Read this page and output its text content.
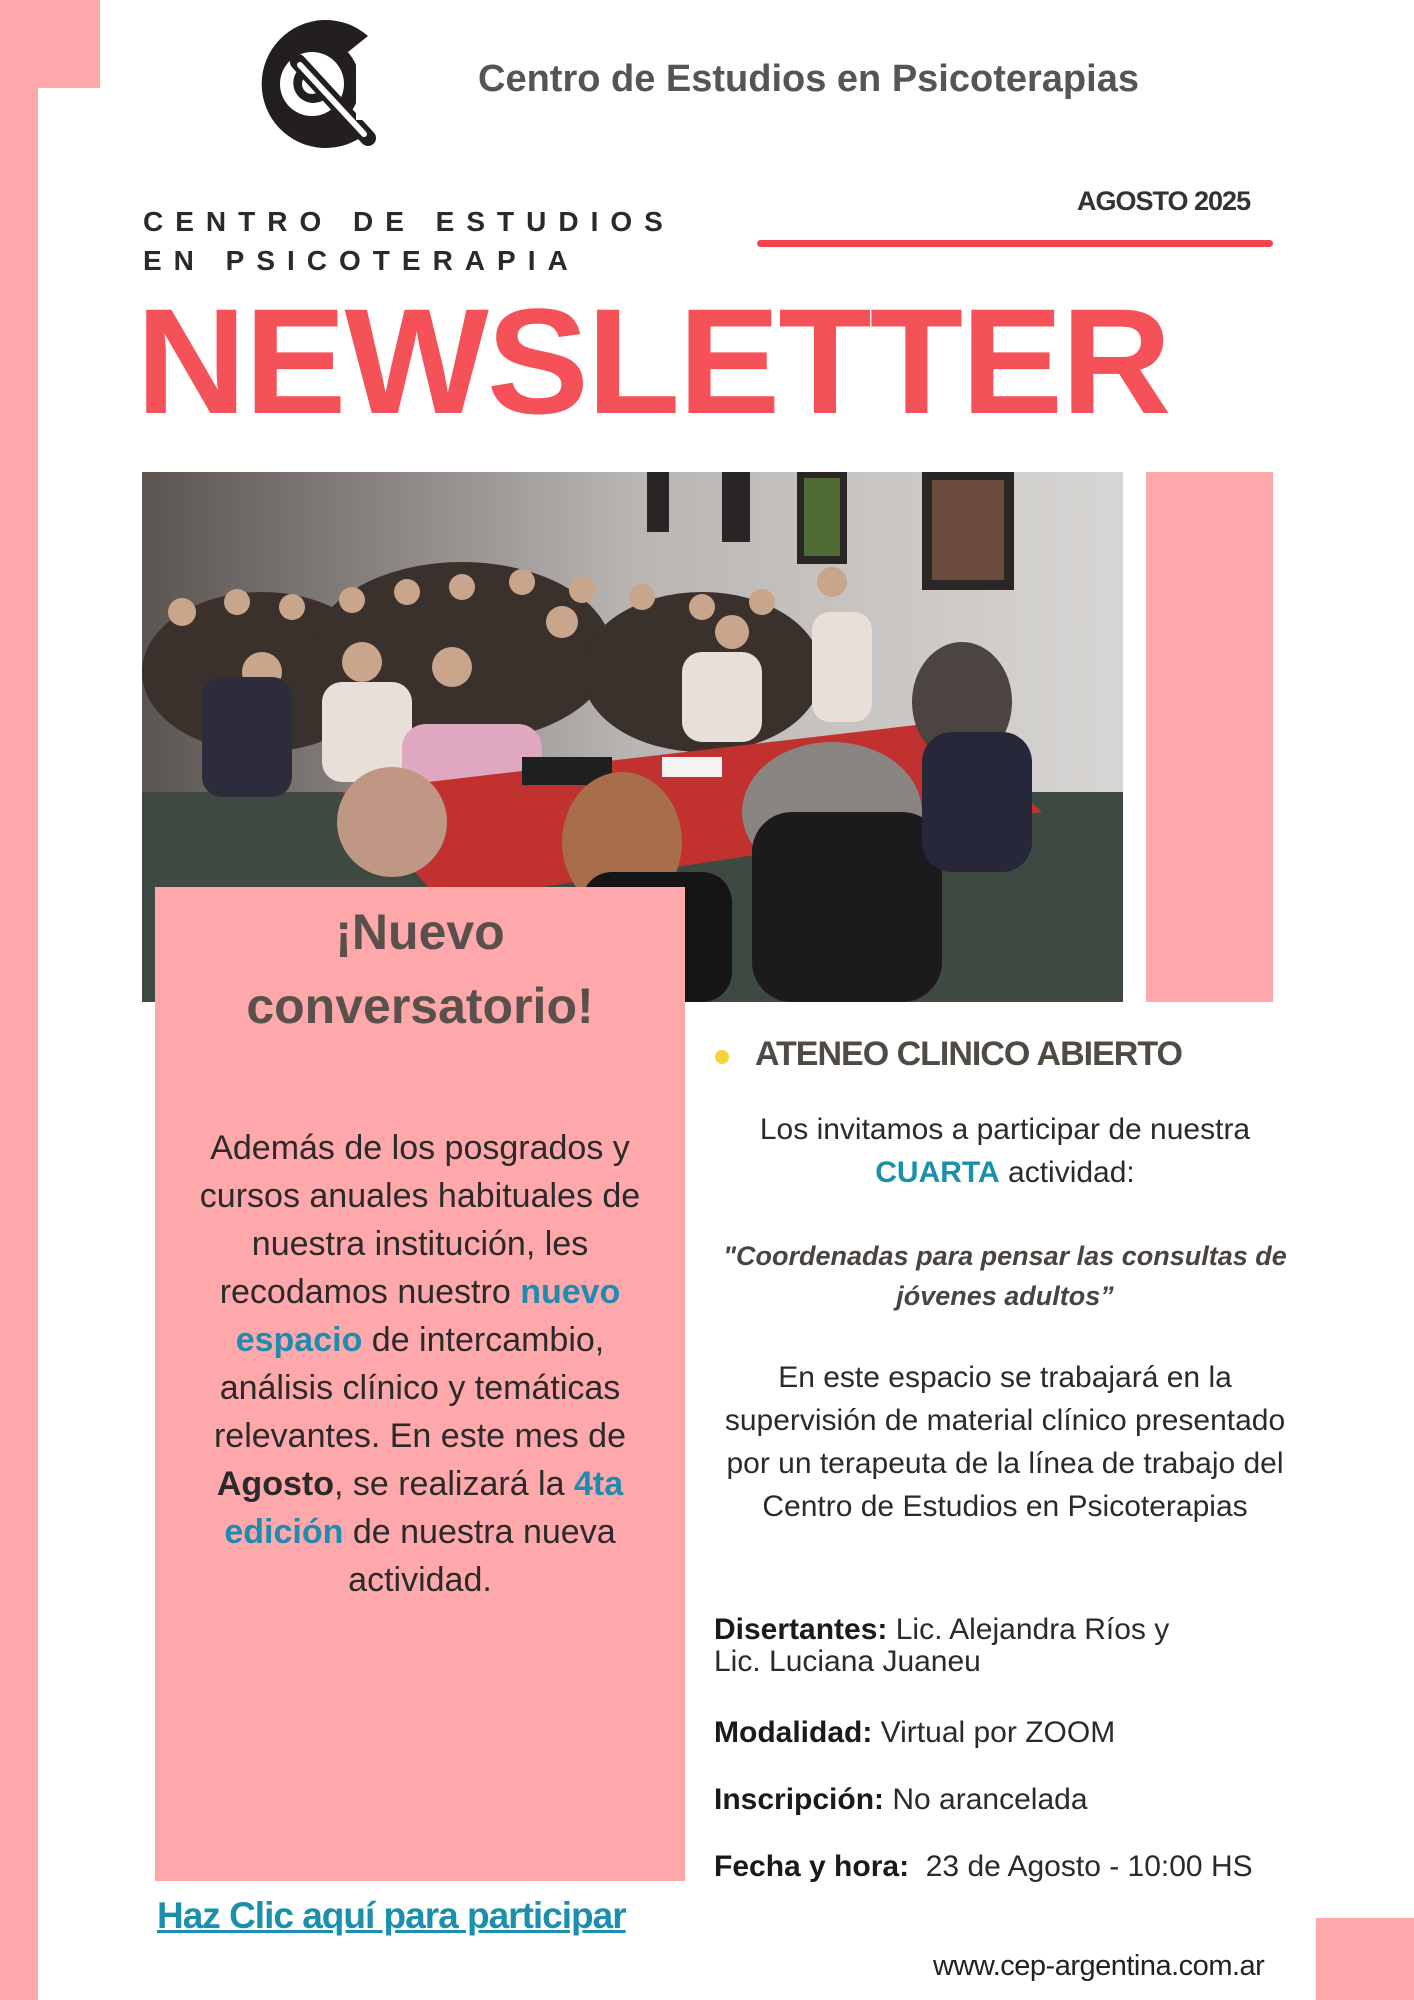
Centro de Estudios en Psicoterapias
CENTRO DE ESTUDIOS
EN PSICOTERAPIA
AGOSTO 2025
NEWSLETTER
¡Nuevo
conversatorio!
Además de los posgrados y cursos anuales habituales de nuestra institución, les recodamos nuestro nuevo espacio de intercambio, análisis clínico y temáticas relevantes. En este mes de Agosto, se realizará la 4ta edición de nuestra nueva actividad.
Haz Clic aquí para participar
ATENEO CLINICO ABIERTO
Los invitamos a participar de nuestra CUARTA actividad:
"Coordenadas para pensar las consultas de jóvenes adultos”
En este espacio se trabajará en la supervisión de material clínico presentado por un terapeuta de la línea de trabajo del Centro de Estudios en Psicoterapias
Disertantes: Lic. Alejandra Ríos y
Lic. Luciana Juaneu
Modalidad: Virtual por ZOOM
Inscripción: No arancelada
Fecha y hora: 23 de Agosto - 10:00 HS
www.cep-argentina.com.ar
